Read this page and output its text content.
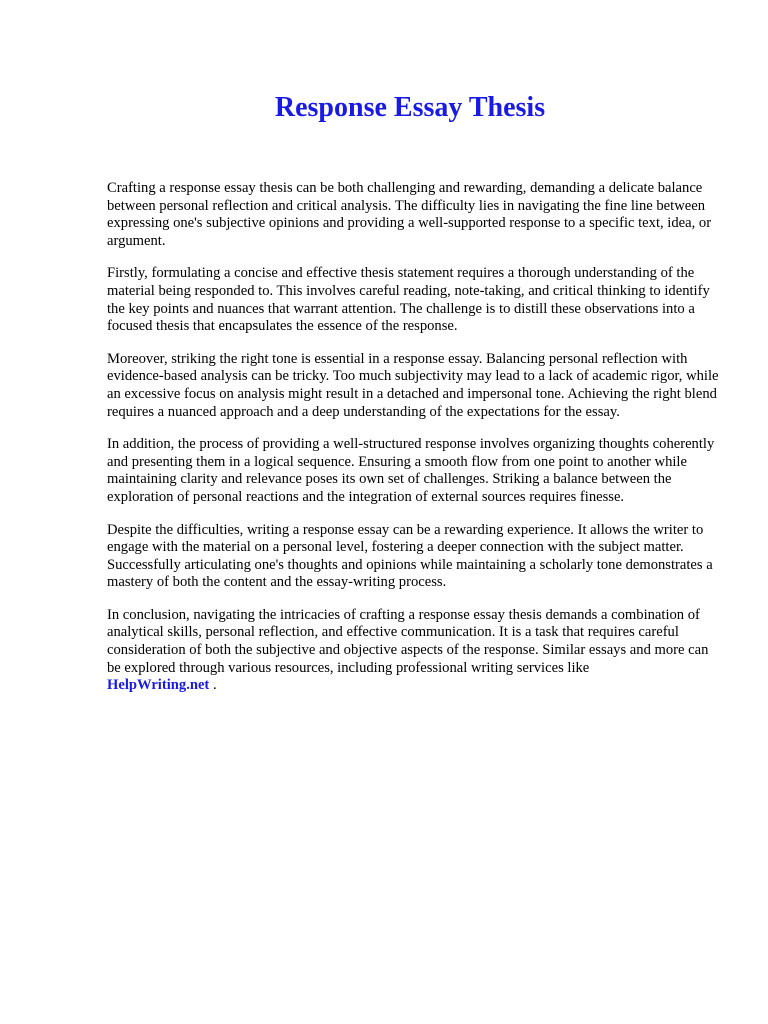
Response Essay Thesis

Crafting a response essay thesis can be both challenging and rewarding, demanding a delicate balance between personal reflection and critical analysis. The difficulty lies in navigating the fine line between expressing one's subjective opinions and providing a well-supported response to a specific text, idea, or argument.

Firstly, formulating a concise and effective thesis statement requires a thorough understanding of the material being responded to. This involves careful reading, note-taking, and critical thinking to identify the key points and nuances that warrant attention. The challenge is to distill these observations into a focused thesis that encapsulates the essence of the response.

Moreover, striking the right tone is essential in a response essay. Balancing personal reflection with evidence-based analysis can be tricky. Too much subjectivity may lead to a lack of academic rigor, while an excessive focus on analysis might result in a detached and impersonal tone. Achieving the right blend requires a nuanced approach and a deep understanding of the expectations for the essay.

In addition, the process of providing a well-structured response involves organizing thoughts coherently and presenting them in a logical sequence. Ensuring a smooth flow from one point to another while maintaining clarity and relevance poses its own set of challenges. Striking a balance between the exploration of personal reactions and the integration of external sources requires finesse.

Despite the difficulties, writing a response essay can be a rewarding experience. It allows the writer to engage with the material on a personal level, fostering a deeper connection with the subject matter. Successfully articulating one's thoughts and opinions while maintaining a scholarly tone demonstrates a mastery of both the content and the essay-writing process.

In conclusion, navigating the intricacies of crafting a response essay thesis demands a combination of analytical skills, personal reflection, and effective communication. It is a task that requires careful consideration of both the subjective and objective aspects of the response. Similar essays and more can be explored through various resources, including professional writing services like
HelpWriting.net .
